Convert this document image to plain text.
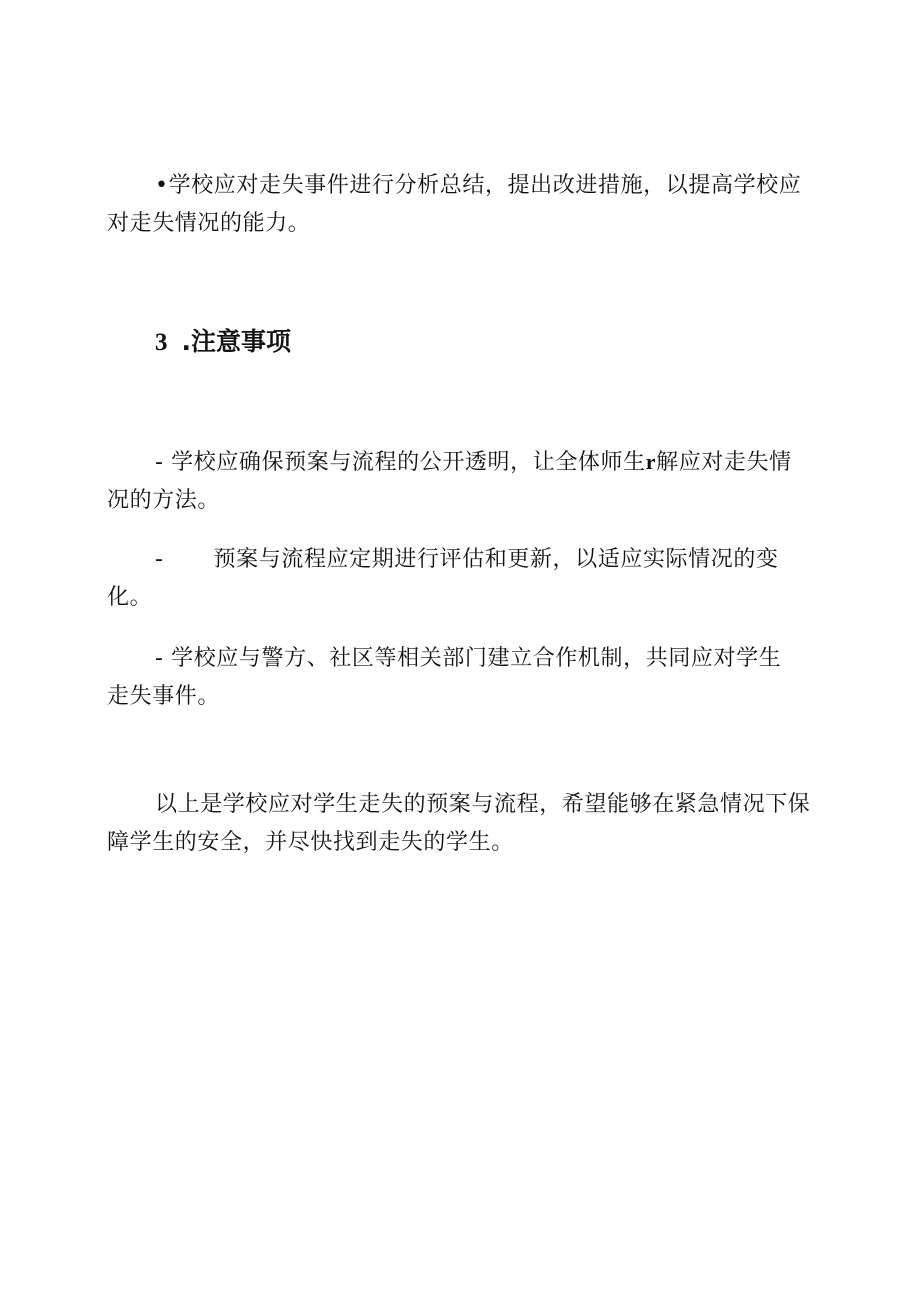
•学校应对走失事件进行分析总结，提出改进措施，以提高学校应
对走失情况的能力。

3 .注意事项

- 学校应确保预案与流程的公开透明，让全体师生r解应对走失情
况的方法。

- 预案与流程应定期进行评估和更新，以适应实际情况的变
化。

- 学校应与警方、社区等相关部门建立合作机制，共同应对学生
走失事件。

以上是学校应对学生走失的预案与流程，希望能够在紧急情况下保
障学生的安全，并尽快找到走失的学生。
